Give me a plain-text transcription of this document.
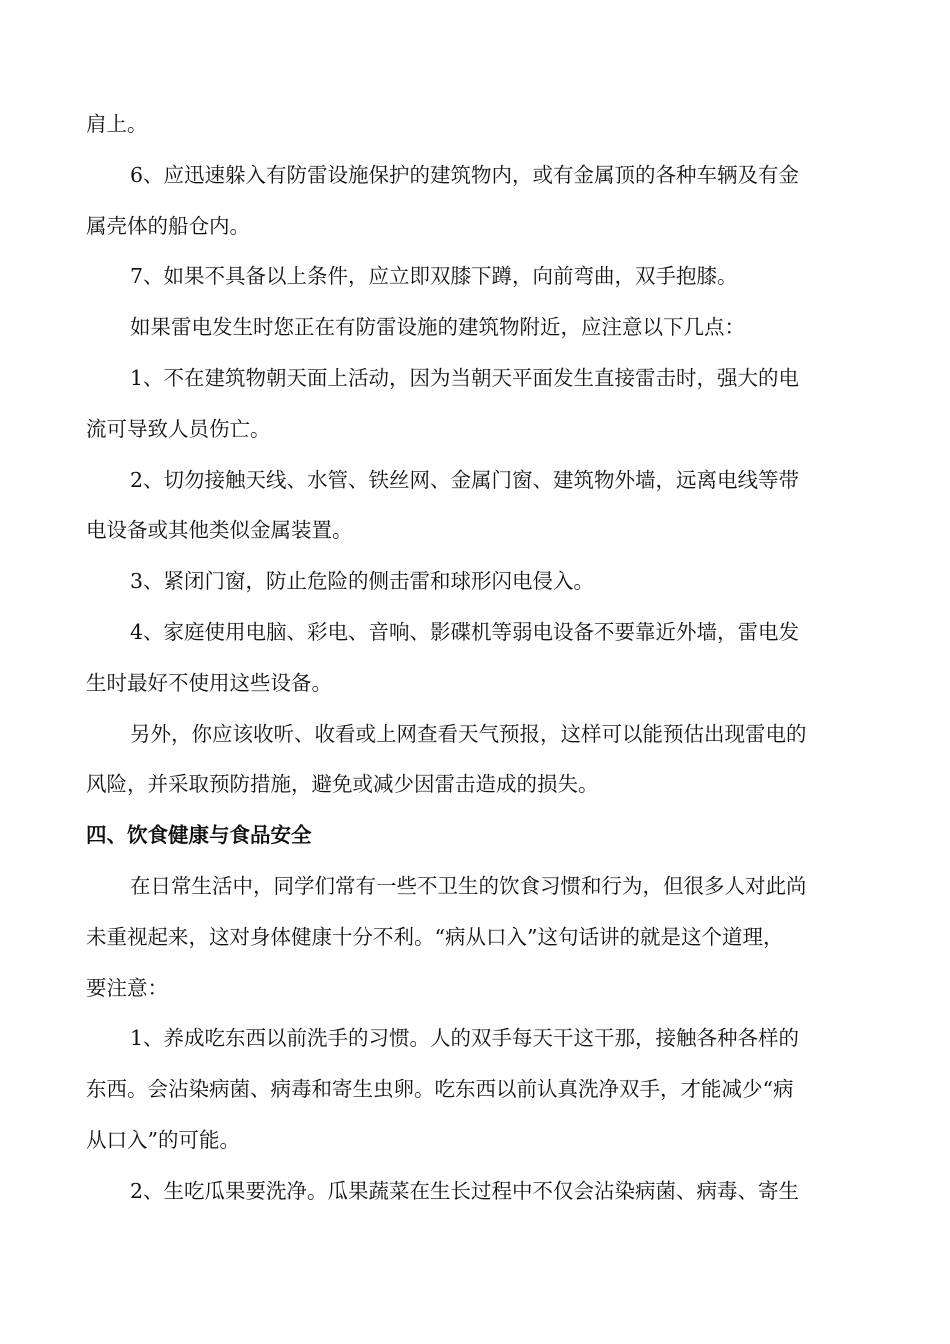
肩上。
6、应迅速躲入有防雷设施保护的建筑物内，或有金属顶的各种车辆及有金
属壳体的船仓内。
7、如果不具备以上条件，应立即双膝下蹲，向前弯曲，双手抱膝。
如果雷电发生时您正在有防雷设施的建筑物附近，应注意以下几点：
1、不在建筑物朝天面上活动，因为当朝天平面发生直接雷击时，强大的电
流可导致人员伤亡。
2、切勿接触天线、水管、铁丝网、金属门窗、建筑物外墙，远离电线等带
电设备或其他类似金属装置。
3、紧闭门窗，防止危险的侧击雷和球形闪电侵入。
4、家庭使用电脑、彩电、音响、影碟机等弱电设备不要靠近外墙，雷电发
生时最好不使用这些设备。
另外，你应该收听、收看或上网查看天气预报，这样可以能预估出现雷电的
风险，并采取预防措施，避免或减少因雷击造成的损失。
四、饮食健康与食品安全
在日常生活中，同学们常有一些不卫生的饮食习惯和行为，但很多人对此尚
未重视起来，这对身体健康十分不利。“病从口入”这句话讲的就是这个道理，
要注意：
1、养成吃东西以前洗手的习惯。人的双手每天干这干那，接触各种各样的
东西。会沾染病菌、病毒和寄生虫卵。吃东西以前认真洗净双手，才能减少“病
从口入”的可能。
2、生吃瓜果要洗净。瓜果蔬菜在生长过程中不仅会沾染病菌、病毒、寄生
